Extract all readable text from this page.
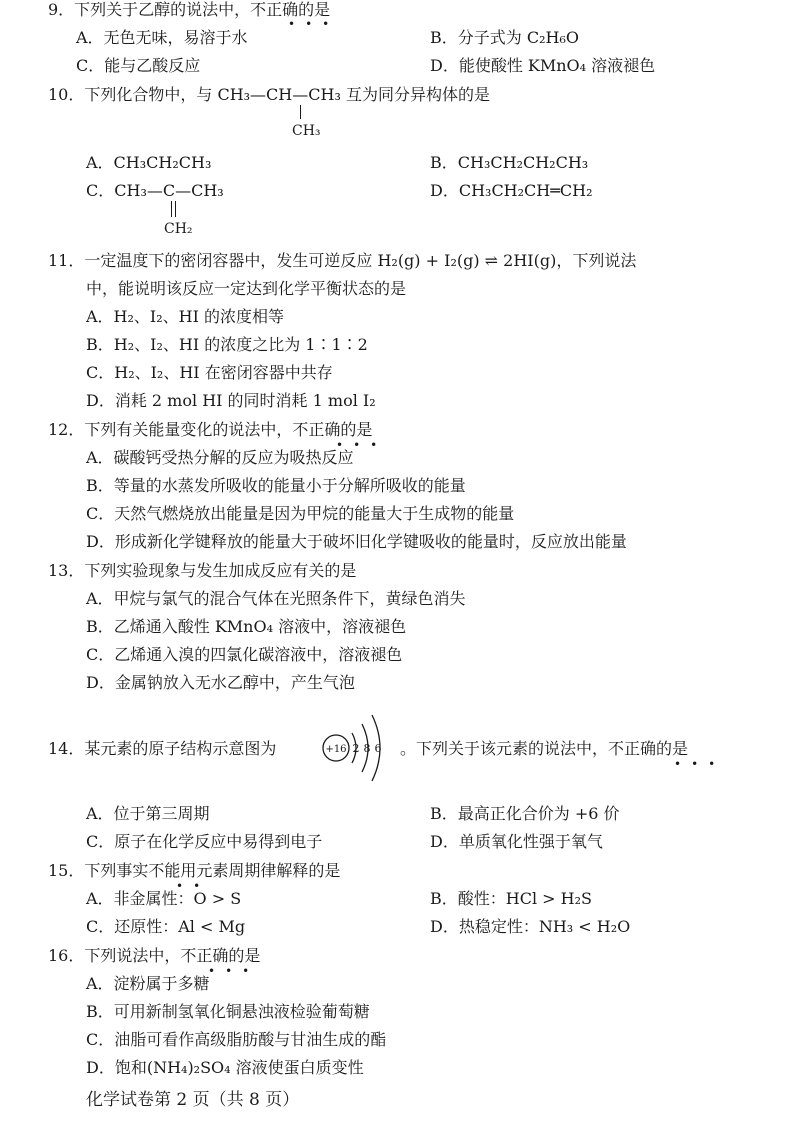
9．下列关于乙醇的说法中，不正确的是
•••
A．无色无味，易溶于水	B．分子式为 C₂H₆O
C．能与乙酸反应	D．能使酸性 KMnO₄ 溶液褪色
10．下列化合物中，与 CH₃—CH—CH₃ 互为同分异构体的是
CH₃
A．CH₃CH₂CH₃	B．CH₃CH₂CH₂CH₃
C．CH₃—C—CH₃
CH₂
D．CH₃CH₂CH═CH₂
11．一定温度下的密闭容器中，发生可逆反应 H₂(g) + I₂(g) ⇌ 2HI(g)，下列说法
中，能说明该反应一定达到化学平衡状态的是
A．H₂、I₂、HI 的浓度相等
B．H₂、I₂、HI 的浓度之比为 1∶1∶2
C．H₂、I₂、HI 在密闭容器中共存
D．消耗 2 mol HI 的同时消耗 1 mol I₂
12．下列有关能量变化的说法中，不正确的是
•••
A．碳酸钙受热分解的反应为吸热反应
B．等量的水蒸发所吸收的能量小于分解所吸收的能量
C．天然气燃烧放出能量是因为甲烷的能量大于生成物的能量
D．形成新化学键释放的能量大于破坏旧化学键吸收的能量时，反应放出能量
13．下列实验现象与发生加成反应有关的是
A．甲烷与氯气的混合气体在光照条件下，黄绿色消失
B．乙烯通入酸性 KMnO₄ 溶液中，溶液褪色
C．乙烯通入溴的四氯化碳溶液中，溶液褪色
D．金属钠放入无水乙醇中，产生气泡
14．某元素的原子结构示意图为	+16 2 8 6 。下列关于该元素的说法中，不正确的是
•••
A．位于第三周期	B．最高正化合价为 +6 价
C．原子在化学反应中易得到电子	D．单质氧化性强于氧气
15．下列事实不能用元素周期律解释的是
••
A．非金属性：O > S	B．酸性：HCl > H₂S
C．还原性：Al < Mg	D．热稳定性：NH₃ < H₂O
16．下列说法中，不正确的是
•••
A．淀粉属于多糖
B．可用新制氢氧化铜悬浊液检验葡萄糖
C．油脂可看作高级脂肪酸与甘油生成的酯
D．饱和(NH₄)₂SO₄ 溶液使蛋白质变性
化学试卷第 2 页（共 8 页）
